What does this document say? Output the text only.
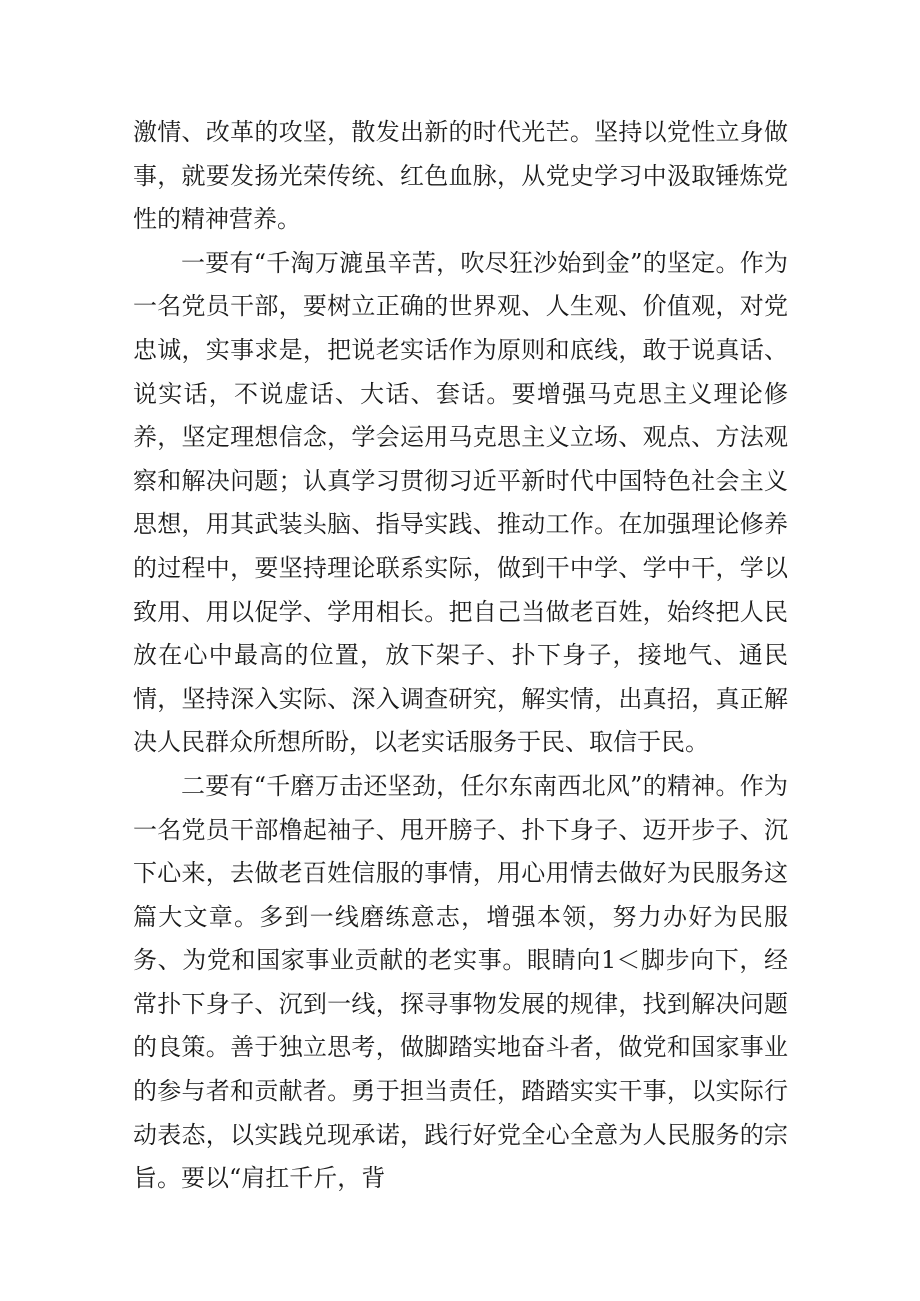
激情、改革的攻坚，散发出新的时代光芒。坚持以党性立身做事，就要发扬光荣传统、红色血脉，从党史学习中汲取锤炼党性的精神营养。

一要有“千淘万漉虽辛苦，吹尽狂沙始到金”的坚定。作为一名党员干部，要树立正确的世界观、人生观、价值观，对党忠诚，实事求是，把说老实话作为原则和底线，敢于说真话、说实话，不说虚话、大话、套话。要增强马克思主义理论修养，坚定理想信念，学会运用马克思主义立场、观点、方法观察和解决问题；认真学习贯彻习近平新时代中国特色社会主义思想，用其武装头脑、指导实践、推动工作。在加强理论修养的过程中，要坚持理论联系实际，做到干中学、学中干，学以致用、用以促学、学用相长。把自己当做老百姓，始终把人民放在心中最高的位置，放下架子、扑下身子，接地气、通民情，坚持深入实际、深入调查研究，解实情，出真招，真正解决人民群众所想所盼，以老实话服务于民、取信于民。

二要有“千磨万击还坚劲，任尔东南西北风”的精神。作为一名党员干部橹起袖子、甩开膀子、扑下身子、迈开步子、沉下心来，去做老百姓信服的事情，用心用情去做好为民服务这篇大文章。多到一线磨练意志，增强本领，努力办好为民服务、为党和国家事业贡献的老实事。眼睛向1＜脚步向下，经常扑下身子、沉到一线，探寻事物发展的规律，找到解决问题的良策。善于独立思考，做脚踏实地奋斗者，做党和国家事业的参与者和贡献者。勇于担当责任，踏踏实实干事，以实际行动表态，以实践兑现承诺，践行好党全心全意为人民服务的宗旨。要以“肩扛千斤，背
